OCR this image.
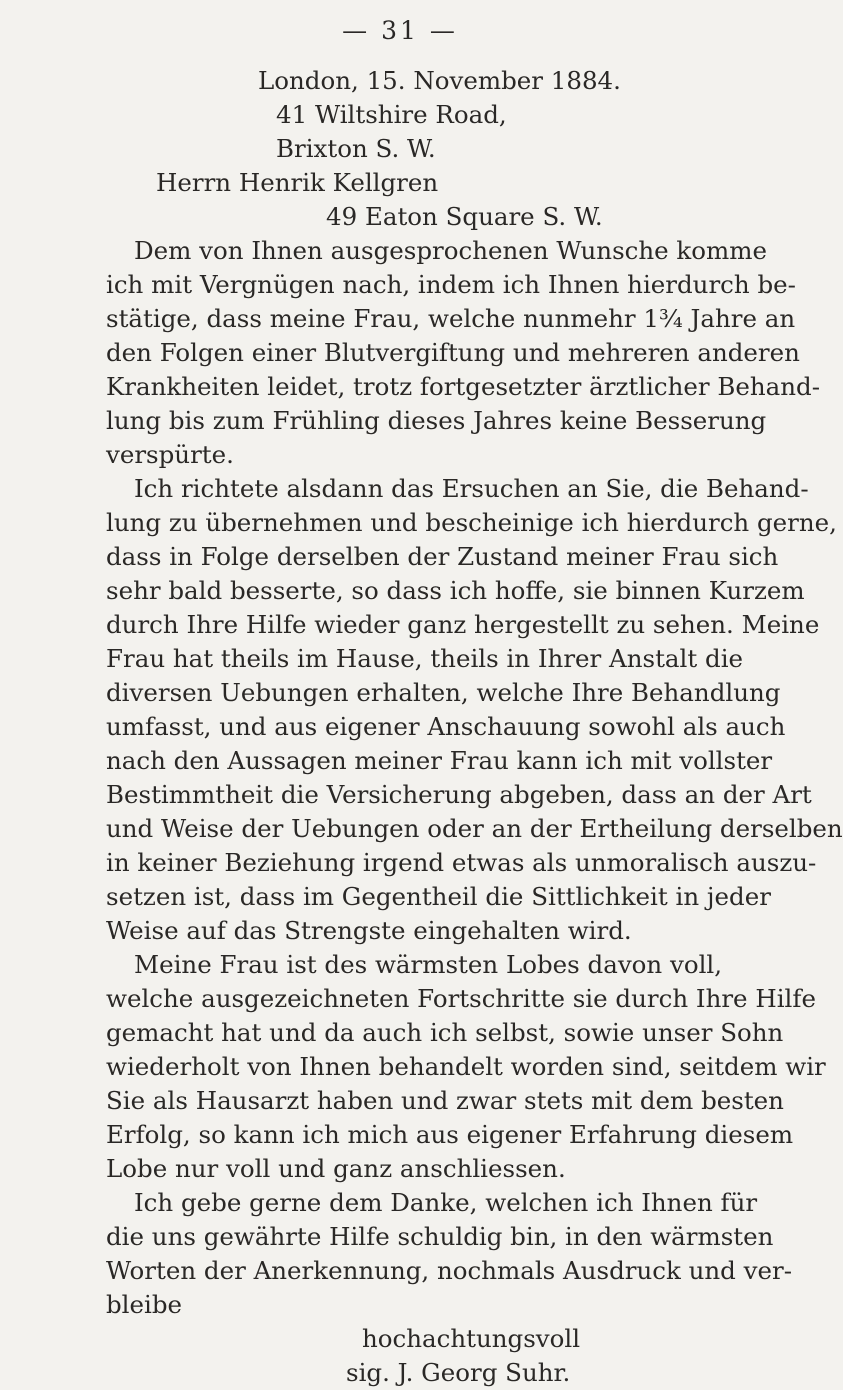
— 31 —
London, 15. November 1884.
41 Wiltshire Road,
Brixton S. W.
Herrn Henrik Kellgren
49 Eaton Square S. W.
Dem von Ihnen ausgesprochenen Wunsche komme
ich mit Vergnügen nach, indem ich Ihnen hierdurch be-
stätige, dass meine Frau, welche nunmehr 1¾ Jahre an
den Folgen einer Blutvergiftung und mehreren anderen
Krankheiten leidet, trotz fortgesetzter ärztlicher Behand-
lung bis zum Frühling dieses Jahres keine Besserung
verspürte.
Ich richtete alsdann das Ersuchen an Sie, die Behand-
lung zu übernehmen und bescheinige ich hierdurch gerne,
dass in Folge derselben der Zustand meiner Frau sich
sehr bald besserte, so dass ich hoffe, sie binnen Kurzem
durch Ihre Hilfe wieder ganz hergestellt zu sehen. Meine
Frau hat theils im Hause, theils in Ihrer Anstalt die
diversen Uebungen erhalten, welche Ihre Behandlung
umfasst, und aus eigener Anschauung sowohl als auch
nach den Aussagen meiner Frau kann ich mit vollster
Bestimmtheit die Versicherung abgeben, dass an der Art
und Weise der Uebungen oder an der Ertheilung derselben
in keiner Beziehung irgend etwas als unmoralisch auszu-
setzen ist, dass im Gegentheil die Sittlichkeit in jeder
Weise auf das Strengste eingehalten wird.
Meine Frau ist des wärmsten Lobes davon voll,
welche ausgezeichneten Fortschritte sie durch Ihre Hilfe
gemacht hat und da auch ich selbst, sowie unser Sohn
wiederholt von Ihnen behandelt worden sind, seitdem wir
Sie als Hausarzt haben und zwar stets mit dem besten
Erfolg, so kann ich mich aus eigener Erfahrung diesem
Lobe nur voll und ganz anschliessen.
Ich gebe gerne dem Danke, welchen ich Ihnen für
die uns gewährte Hilfe schuldig bin, in den wärmsten
Worten der Anerkennung, nochmals Ausdruck und ver-
bleibe
hochachtungsvoll
sig. J. Georg Suhr.
